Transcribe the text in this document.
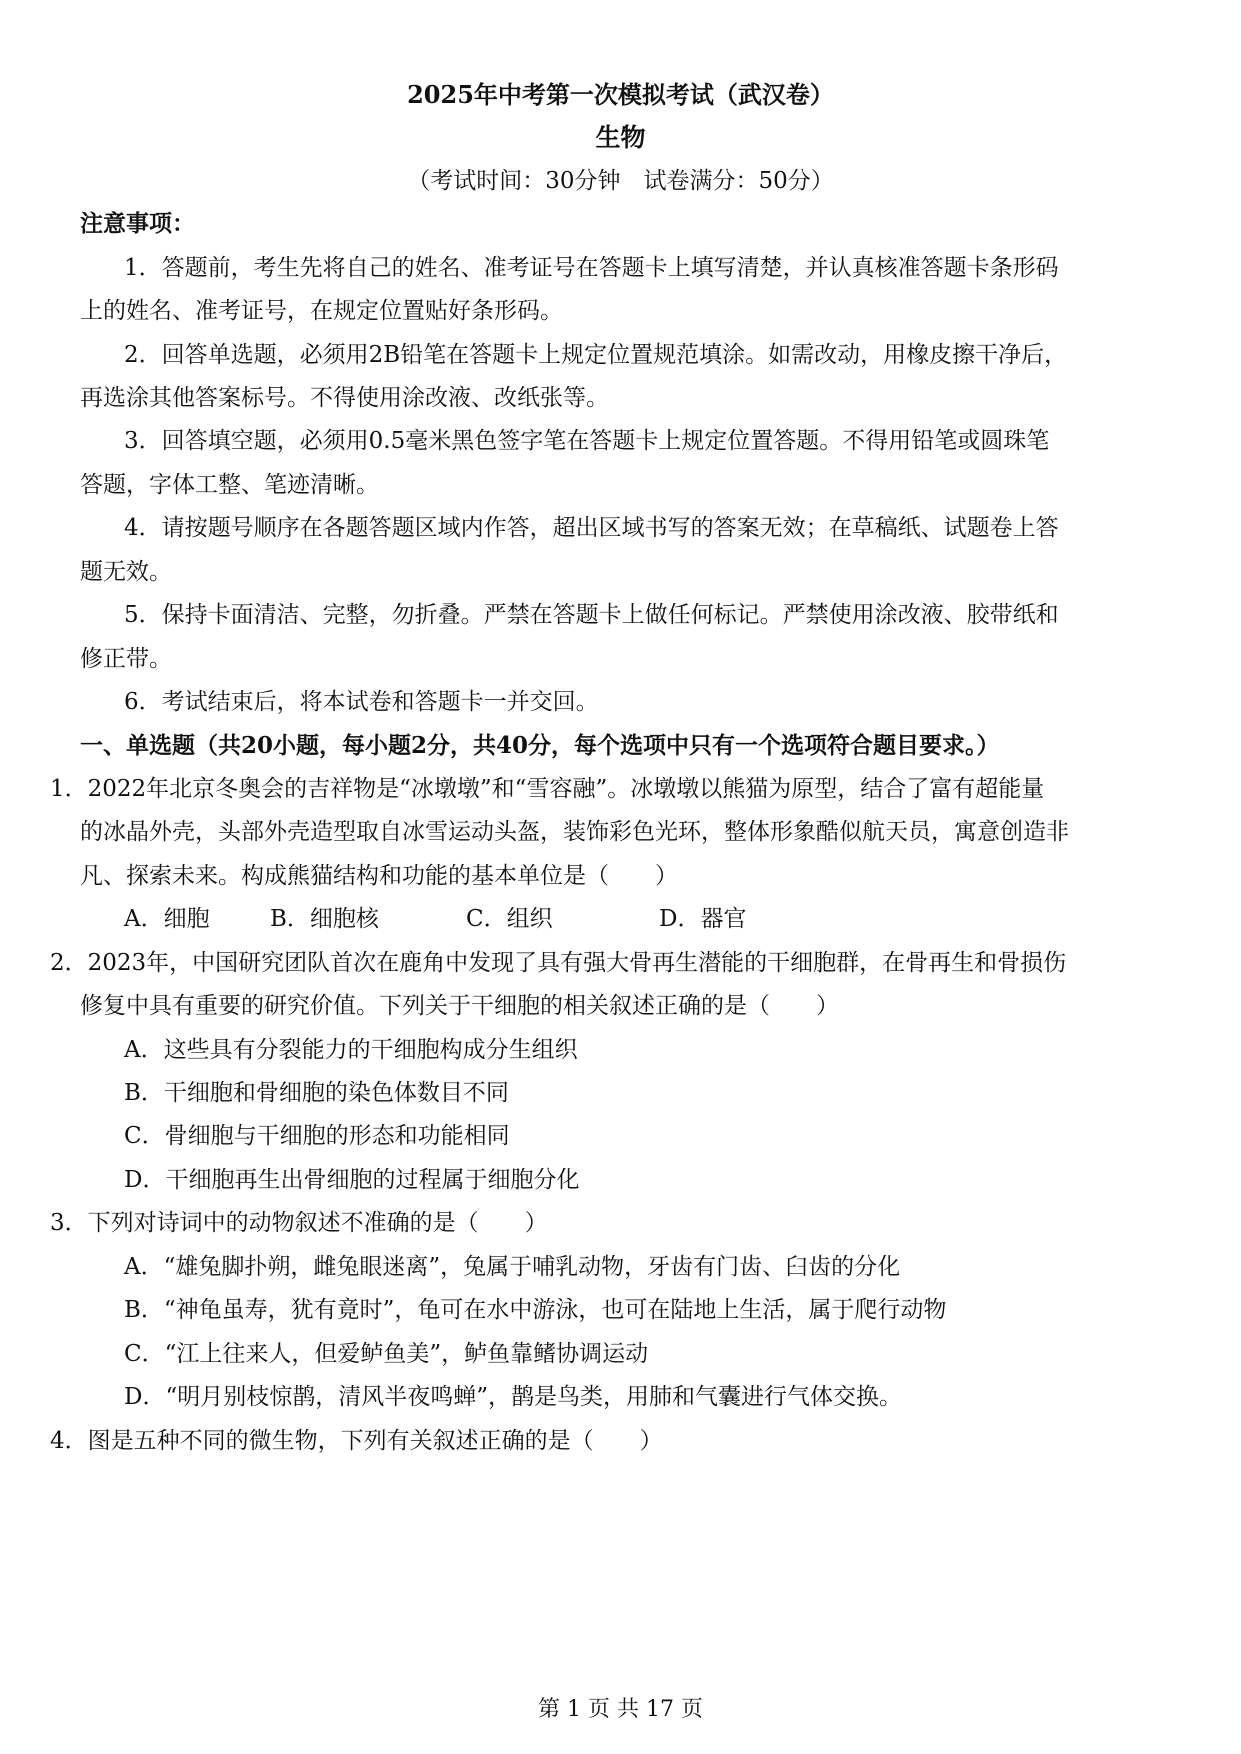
2025年中考第一次模拟考试（武汉卷）
生物
（考试时间：30分钟　试卷满分：50分）
注意事项：
1．答题前，考生先将自己的姓名、准考证号在答题卡上填写清楚，并认真核准答题卡条形码
上的姓名、准考证号，在规定位置贴好条形码。
2．回答单选题，必须用2B铅笔在答题卡上规定位置规范填涂。如需改动，用橡皮擦干净后，
再选涂其他答案标号。不得使用涂改液、改纸张等。
3．回答填空题，必须用0.5毫米黑色签字笔在答题卡上规定位置答题。不得用铅笔或圆珠笔
答题，字体工整、笔迹清晰。
4．请按题号顺序在各题答题区域内作答，超出区域书写的答案无效；在草稿纸、试题卷上答
题无效。
5．保持卡面清洁、完整，勿折叠。严禁在答题卡上做任何标记。严禁使用涂改液、胶带纸和
修正带。
6．考试结束后，将本试卷和答题卡一并交回。
一、单选题（共20小题，每小题2分，共40分，每个选项中只有一个选项符合题目要求。）
1．2022年北京冬奥会的吉祥物是“冰墩墩”和“雪容融”。冰墩墩以熊猫为原型，结合了富有超能量
的冰晶外壳，头部外壳造型取自冰雪运动头盔，装饰彩色光环，整体形象酷似航天员，寓意创造非
凡、探索未来。构成熊猫结构和功能的基本单位是（　　）
A．细胞	B．细胞核	C．组织	D．器官
2．2023年，中国研究团队首次在鹿角中发现了具有强大骨再生潜能的干细胞群，在骨再生和骨损伤
修复中具有重要的研究价值。下列关于干细胞的相关叙述正确的是（　　）
A．这些具有分裂能力的干细胞构成分生组织
B．干细胞和骨细胞的染色体数目不同
C．骨细胞与干细胞的形态和功能相同
D．干细胞再生出骨细胞的过程属于细胞分化
3．下列对诗词中的动物叙述不准确的是（　　）
A．“雄兔脚扑朔，雌兔眼迷离”，兔属于哺乳动物，牙齿有门齿、臼齿的分化
B．“神龟虽寿，犹有竟时”，龟可在水中游泳，也可在陆地上生活，属于爬行动物
C．“江上往来人，但爱鲈鱼美”，鲈鱼靠鳍协调运动
D．“明月别枝惊鹊，清风半夜鸣蝉”，鹊是鸟类，用肺和气囊进行气体交换。
4．图是五种不同的微生物，下列有关叙述正确的是（　　）
第 1 页 共 17 页
